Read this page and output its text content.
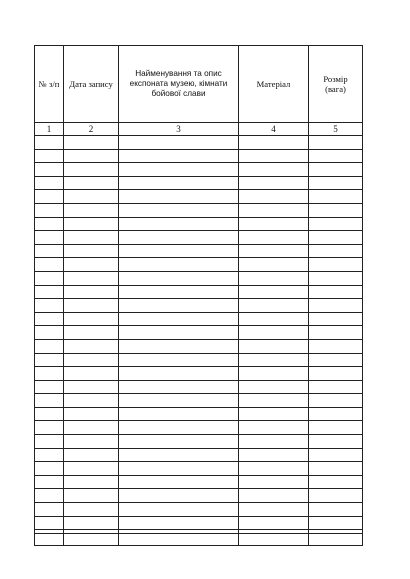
№ з/п	Дата запису	Найменування та опис експоната музею, кімнати бойової слави	Матеріал	Розмір (вага)

1	2	3	4	5
